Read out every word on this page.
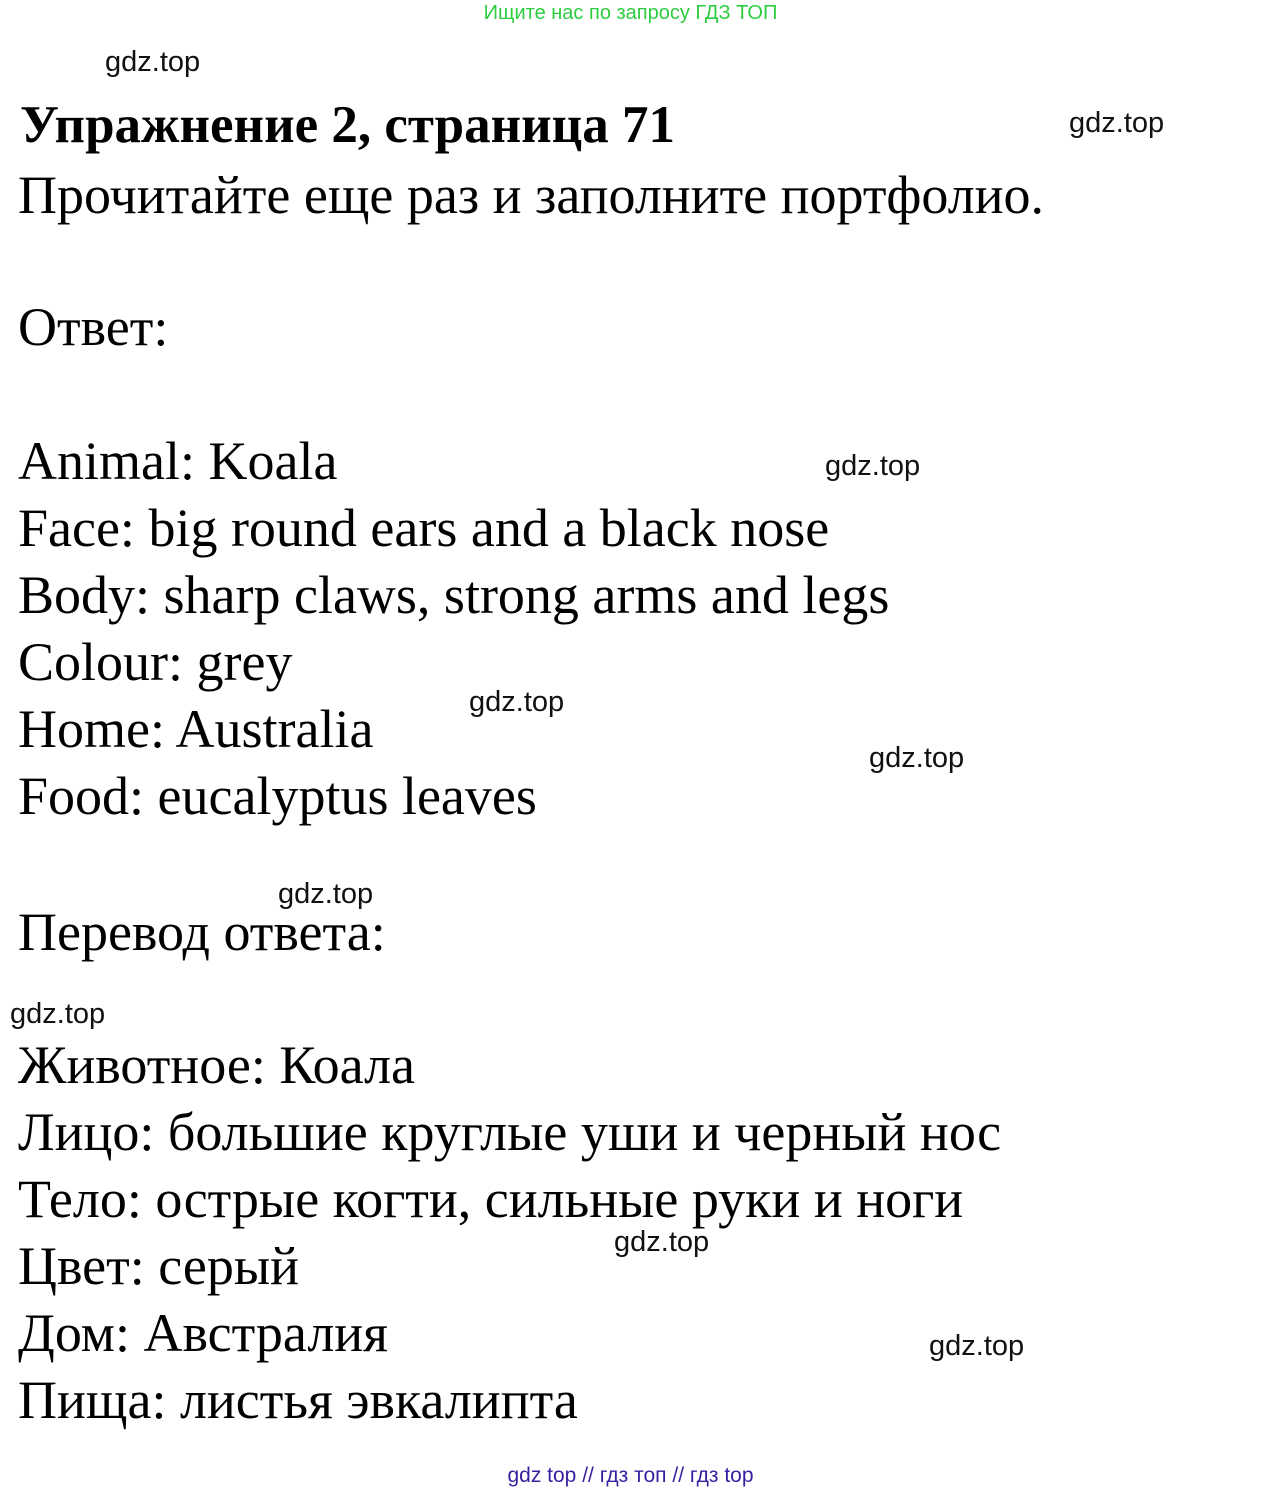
Ищите нас по запросу ГДЗ ТОП
gdz.top
gdz.top
gdz.top
gdz.top
gdz.top
gdz.top
gdz.top
gdz.top
gdz.top
Упражнение 2, страница 71
Прочитайте еще раз и заполните портфолио.
Ответ:
Animal: Koala
Face: big round ears and a black nose
Body: sharp claws, strong arms and legs
Colour: grey
Home: Australia
Food: eucalyptus leaves
Перевод ответа:
Животное: Коала
Лицо: большие круглые уши и черный нос
Тело: острые когти, сильные руки и ноги
Цвет: серый
Дом: Австралия
Пища: листья эвкалипта
gdz top // гдз топ // гдз top
